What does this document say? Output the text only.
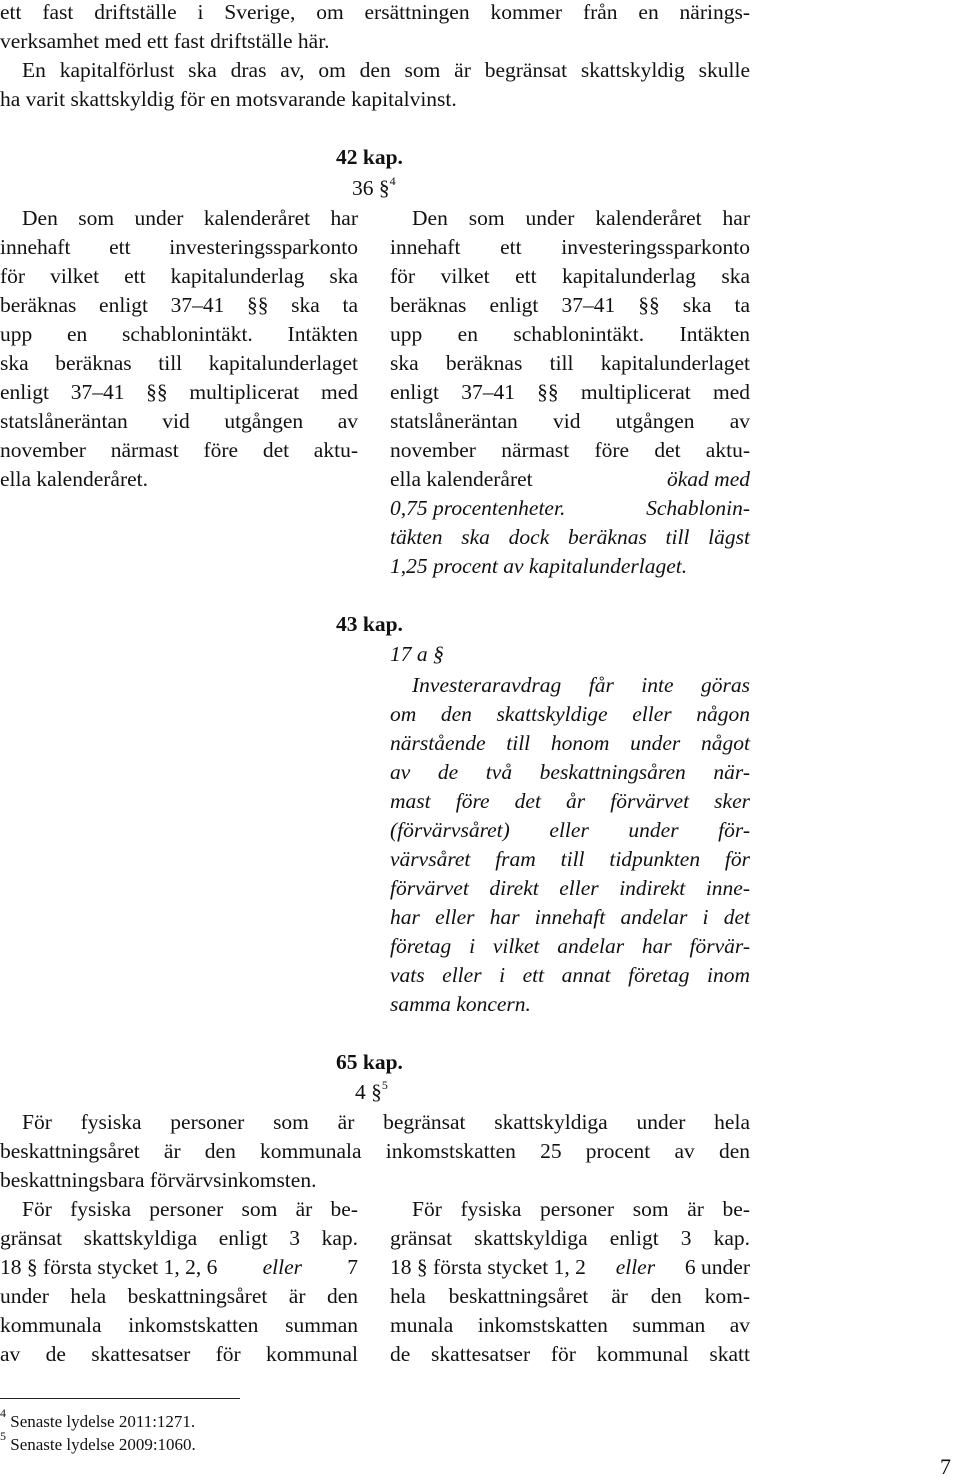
ett fast driftställe i Sverige, om ersättningen kommer från en närings-
verksamhet med ett fast driftställe här.
En kapitalförlust ska dras av, om den som är begränsat skattskyldig skulle
ha varit skattskyldig för en motsvarande kapitalvinst.
42 kap.
36 §$^4$
Den som under kalenderåret har
innehaft ett investeringssparkonto
för vilket ett kapitalunderlag ska
beräknas enligt 37–41 §§ ska ta
upp en schablonintäkt. Intäkten
ska beräknas till kapitalunderlaget
enligt 37–41 §§ multiplicerat med
statslåneräntan vid utgången av
november närmast före det aktu-
ella kalenderåret.
Den som under kalenderåret har
innehaft ett investeringssparkonto
för vilket ett kapitalunderlag ska
beräknas enligt 37–41 §§ ska ta
upp en schablonintäkt. Intäkten
ska beräknas till kapitalunderlaget
enligt 37–41 §§ multiplicerat med
statslåneräntan vid utgången av
november närmast före det aktu-
ella kalenderåret	ökad med
0,75 procentenheter.	Schablonin-
täkten ska dock beräknas till lägst
1,25 procent av kapitalunderlaget.
43 kap.
17 a §
Investeraravdrag får inte göras
om den skattskyldige eller någon
närstående till honom under något
av de två beskattningsåren när-
mast före det år förvärvet sker
(förvärvsåret) eller under för-
värvsåret fram till tidpunkten för
förvärvet direkt eller indirekt inne-
har eller har innehaft andelar i det
företag i vilket andelar har förvär-
vats eller i ett annat företag inom
samma koncern.
65 kap.
4 §$^5$
För fysiska personer som är begränsat skattskyldiga under hela
beskattningsåret är den kommunala inkomstskatten 25 procent av den
beskattningsbara förvärvsinkomsten.
För fysiska personer som är be-
gränsat skattskyldiga enligt 3 kap.
18 § första stycket 1, 2, 6 eller 7
under hela beskattningsåret är den
kommunala inkomstskatten summan
av de skattesatser för kommunal
För fysiska personer som är be-
gränsat skattskyldiga enligt 3 kap.
18 § första stycket 1, 2 eller 6 under
hela beskattningsåret är den kom-
munala inkomstskatten summan av
de skattesatser för kommunal skatt
$^4$ Senaste lydelse 2011:1271.
$^5$ Senaste lydelse 2009:1060.
7
